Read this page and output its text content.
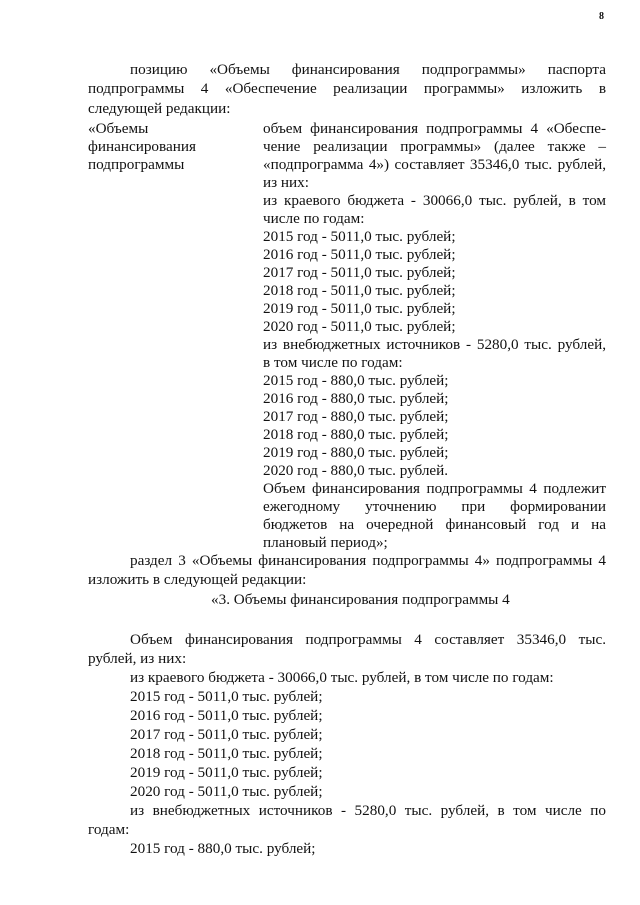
8

позицию «Объемы финансирования подпрограммы» паспорта

подпрограммы 4 «Обеспечение реализации программы» изложить в

следующей редакции:

«Объемы

финансирования

подпрограммы

объем финансирования подпрограммы 4 «Обеспе-

чение реализации программы» (далее также –

«подпрограмма 4») составляет 35346,0 тыс. рублей,

из них:

из краевого бюджета - 30066,0 тыс. рублей, в том

числе по годам:

2015 год - 5011,0 тыс. рублей;

2016 год - 5011,0 тыс. рублей;

2017 год - 5011,0 тыс. рублей;

2018 год - 5011,0 тыс. рублей;

2019 год - 5011,0 тыс. рублей;

2020 год - 5011,0 тыс. рублей;

из внебюджетных источников - 5280,0 тыс. рублей,

в том числе по годам:

2015 год - 880,0 тыс. рублей;

2016 год - 880,0 тыс. рублей;

2017 год - 880,0 тыс. рублей;

2018 год - 880,0 тыс. рублей;

2019 год - 880,0 тыс. рублей;

2020 год - 880,0 тыс. рублей.

Объем финансирования подпрограммы 4 подлежит

ежегодному уточнению при формировании

бюджетов на очередной финансовый год и на

плановый период»;

раздел 3 «Объемы финансирования подпрограммы 4» подпрограммы 4

изложить в следующей редакции:

«3. Объемы финансирования подпрограммы 4

Объем финансирования подпрограммы 4 составляет 35346,0 тыс.

рублей, из них:

из краевого бюджета - 30066,0 тыс. рублей, в том числе по годам:

2015 год - 5011,0 тыс. рублей;

2016 год - 5011,0 тыс. рублей;

2017 год - 5011,0 тыс. рублей;

2018 год - 5011,0 тыс. рублей;

2019 год - 5011,0 тыс. рублей;

2020 год - 5011,0 тыс. рублей;

из внебюджетных источников - 5280,0 тыс. рублей, в том числе по

годам:

2015 год - 880,0 тыс. рублей;
